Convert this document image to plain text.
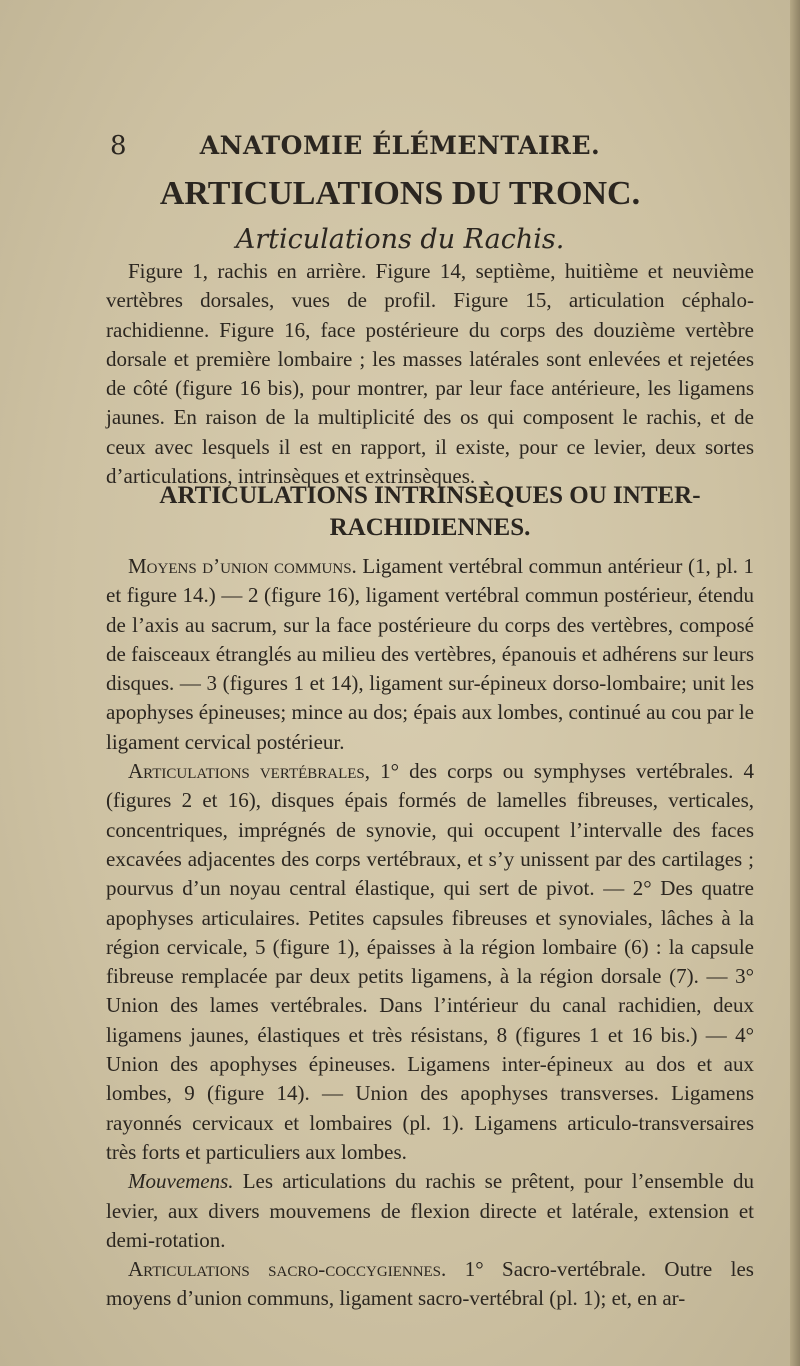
8	ANATOMIE ÉLÉMENTAIRE.
ARTICULATIONS DU TRONC.
Articulations du Rachis.

Figure 1, rachis en arrière. Figure 14, septième, huitième et neuvième vertèbres dorsales, vues de profil. Figure 15, articulation céphalo-rachidienne. Figure 16, face postérieure du corps des douzième vertèbre dorsale et première lombaire ; les masses latérales sont enlevées et rejetées de côté (figure 16 bis), pour montrer, par leur face antérieure, les ligamens jaunes. En raison de la multiplicité des os qui composent le rachis, et de ceux avec lesquels il est en rapport, il existe, pour ce levier, deux sortes d’articulations, intrinsèques et extrinsèques.

ARTICULATIONS INTRINSÈQUES OU INTER-
RACHIDIENNES.

Moyens d’union communs. Ligament vertébral commun antérieur (1, pl. 1 et figure 14.) — 2 (figure 16), ligament vertébral commun postérieur, étendu de l’axis au sacrum, sur la face postérieure du corps des vertèbres, composé de faisceaux étranglés au milieu des vertèbres, épanouis et adhérens sur leurs disques. — 3 (figures 1 et 14), ligament sur-épineux dorso-lombaire; unit les apophyses épineuses; mince au dos; épais aux lombes, continué au cou par le ligament cervical postérieur.

Articulations vertébrales, 1° des corps ou symphyses vertébrales. 4 (figures 2 et 16), disques épais formés de lamelles fibreuses, verticales, concentriques, imprégnés de synovie, qui occupent l’intervalle des faces excavées adjacentes des corps vertébraux, et s’y unissent par des cartilages ; pourvus d’un noyau central élastique, qui sert de pivot. — 2° Des quatre apophyses articulaires. Petites capsules fibreuses et synoviales, lâches à la région cervicale, 5 (figure 1), épaisses à la région lombaire (6) : la capsule fibreuse remplacée par deux petits ligamens, à la région dorsale (7). — 3° Union des lames vertébrales. Dans l’intérieur du canal rachidien, deux ligamens jaunes, élastiques et très résistans, 8 (figures 1 et 16 bis.) — 4° Union des apophyses épineuses. Ligamens inter-épineux au dos et aux lombes, 9 (figure 14). — Union des apophyses transverses. Ligamens rayonnés cervicaux et lombaires (pl. 1). Ligamens articulo-transversaires très forts et particuliers aux lombes.

Mouvemens. Les articulations du rachis se prêtent, pour l’ensemble du levier, aux divers mouvemens de flexion directe et latérale, extension et demi-rotation.

Articulations sacro-coccygiennes. 1° Sacro-vertébrale. Outre les moyens d’union communs, ligament sacro-vertébral (pl. 1); et, en ar-
